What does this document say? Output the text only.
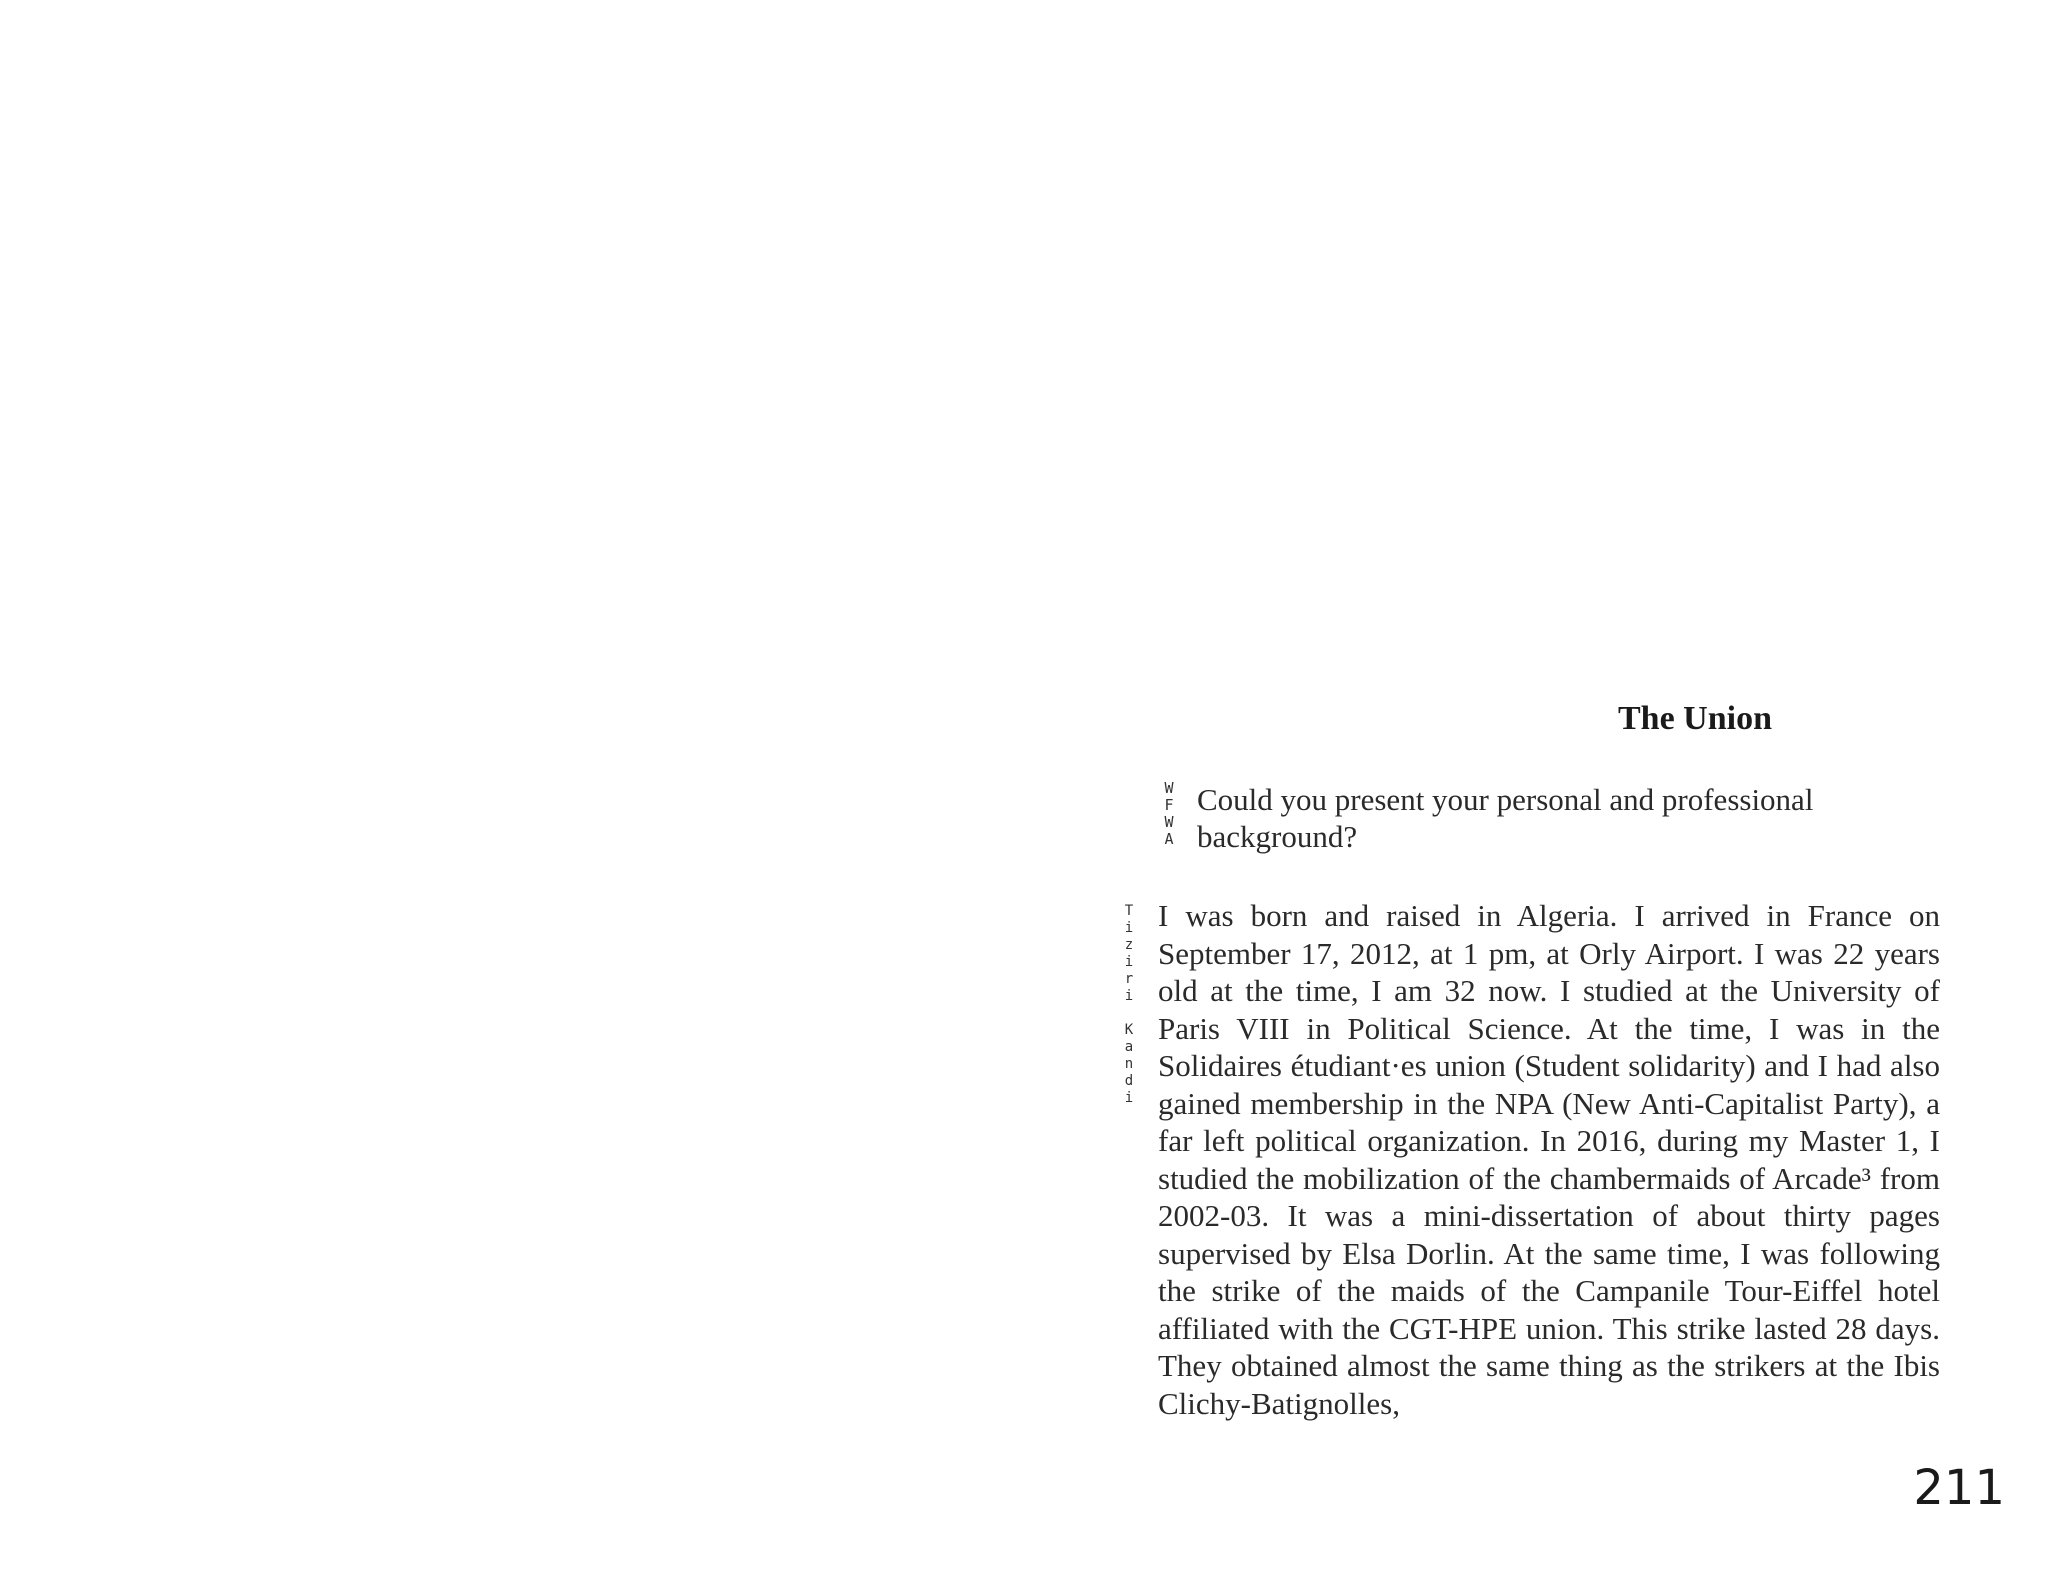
The Union
W
F
W
A

Could you present your personal and professional background?

T
i
z
i
r
i

K
a
n
d
i

I was born and raised in Algeria. I arrived in France on September 17, 2012, at 1 pm, at Orly Airport. I was 22 years old at the time, I am 32 now. I studied at the University of Paris VIII in Political Science. At the time, I was in the Solidaires étudiant·es union (Student solidarity) and I had also gained membership in the NPA (New Anti-Capitalist Party), a far left political organization. In 2016, during my Master 1, I studied the mobilization of the chambermaids of Arcade³ from 2002-03. It was a mini-dissertation of about thirty pages supervised by Elsa Dorlin. At the same time, I was following the strike of the maids of the Campanile Tour-Eiffel hotel affiliated with the CGT-HPE union. This strike lasted 28 days. They obtained almost the same thing as the strikers at the Ibis Clichy-Batignolles,

211
